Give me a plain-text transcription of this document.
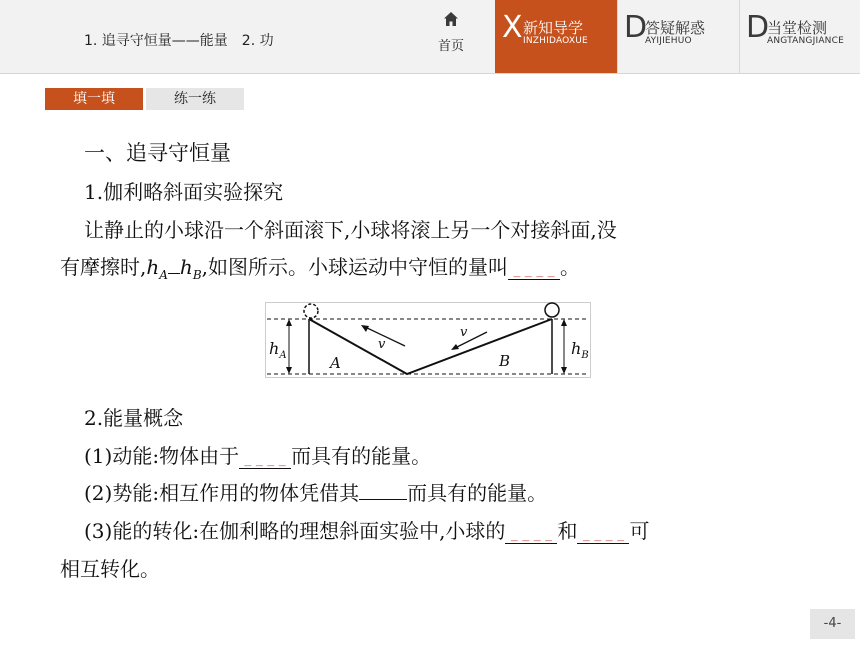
1. 追寻守恒量——能量　2. 功	首页
X 新知导学
INZHIDAOXUE D
答疑解惑
AYIJIEHUO D
当堂检测
ANGTANGJIANCE
填一填	练一练
一、追寻守恒量
1.伽利略斜面实验探究
让静止的小球沿一个斜面滚下,小球将滚上另一个对接斜面,没
有摩擦时$,h_A$ $h_B$,如图所示。小球运动中守恒的量叫 _ _ _ _ 。
$h_A$	$h_B$
A	B
v
v
2.能量概念
(1)动能:物体由于 _ _ _ _ 而具有的能量。
(2)势能:相互作用的物体凭借其 而具有的能量。
(3)能的转化:在伽利略的理想斜面实验中,小球的 _ _ _ _ 和 _ _ _ _ 可
相互转化。
-4-
